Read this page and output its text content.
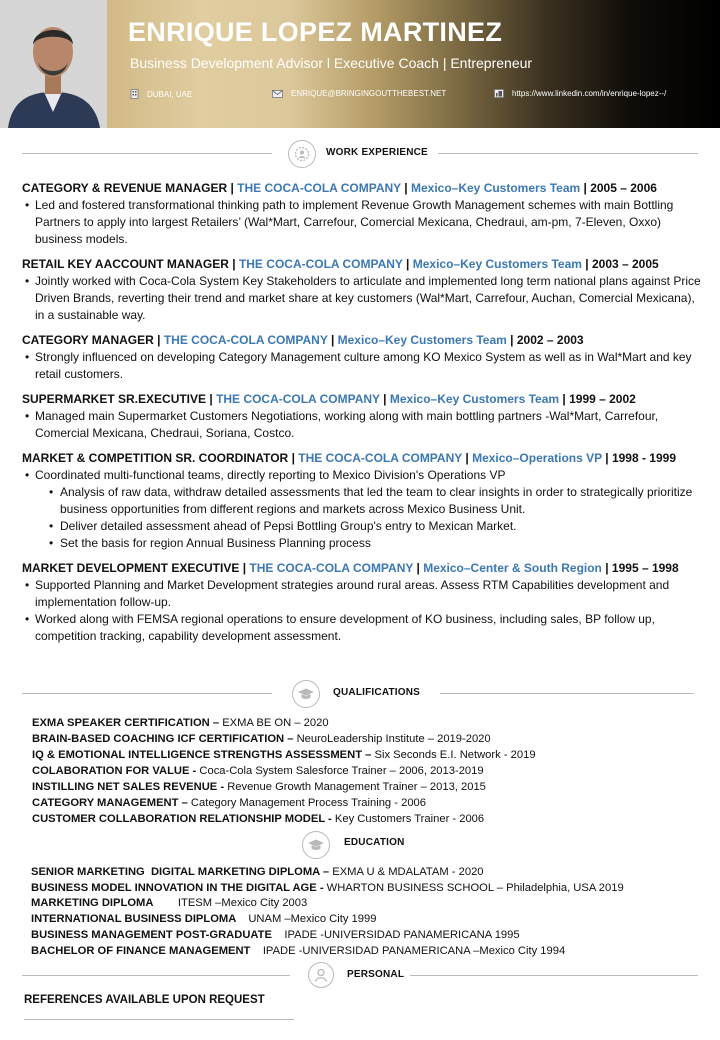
ENRIQUE LOPEZ MARTINEZ
Business Development Advisor l Executive Coach | Entrepreneur
DUBAI, UAE	ENRIQUE@BRINGINGOUTTHEBEST.NET	https://www.linkedin.com/in/enrique-lopez--/
WORK EXPERIENCE
CATEGORY & REVENUE MANAGER | THE COCA-COLA COMPANY | Mexico–Key Customers Team | 2005 – 2006
• Led and fostered transformational thinking path to implement Revenue Growth Management schemes with main Bottling Partners to apply into largest Retailers’ (Wal*Mart, Carrefour, Comercial Mexicana, Chedraui, am-pm, 7-Eleven, Oxxo) business models.
RETAIL KEY AACCOUNT MANAGER | THE COCA-COLA COMPANY | Mexico–Key Customers Team | 2003 – 2005
• Jointly worked with Coca-Cola System Key Stakeholders to articulate and implemented long term national plans against Price Driven Brands, reverting their trend and market share at key customers (Wal*Mart, Carrefour, Auchan, Comercial Mexicana), in a sustainable way.
CATEGORY MANAGER | THE COCA-COLA COMPANY | Mexico–Key Customers Team | 2002 – 2003
• Strongly influenced on developing Category Management culture among KO Mexico System as well as in Wal*Mart and key retail customers.
SUPERMARKET SR.EXECUTIVE | THE COCA-COLA COMPANY | Mexico–Key Customers Team | 1999 – 2002
• Managed main Supermarket Customers Negotiations, working along with main bottling partners -Wal*Mart, Carrefour, Comercial Mexicana, Chedraui, Soriana, Costco.
MARKET & COMPETITION SR. COORDINATOR | THE COCA-COLA COMPANY | Mexico–Operations VP | 1998 - 1999
• Coordinated multi-functional teams, directly reporting to Mexico Division's Operations VP
• Analysis of raw data, withdraw detailed assessments that led the team to clear insights in order to strategically prioritize business opportunities from different regions and markets across Mexico Business Unit.
• Deliver detailed assessment ahead of Pepsi Bottling Group's entry to Mexican Market.
• Set the basis for region Annual Business Planning process
MARKET DEVELOPMENT EXECUTIVE | THE COCA-COLA COMPANY | Mexico–Center & South Region | 1995 – 1998
• Supported Planning and Market Development strategies around rural areas. Assess RTM Capabilities development and implementation follow-up.
• Worked along with FEMSA regional operations to ensure development of KO business, including sales, BP follow up, competition tracking, capability development assessment.
QUALIFICATIONS
EXMA SPEAKER CERTIFICATION – EXMA BE ON – 2020
BRAIN-BASED COACHING ICF CERTIFICATION – NeuroLeadership Institute – 2019-2020
IQ & EMOTIONAL INTELLIGENCE STRENGTHS ASSESSMENT – Six Seconds E.I. Network - 2019
COLABORATION FOR VALUE - Coca-Cola System Salesforce Trainer – 2006, 2013-2019
INSTILLING NET SALES REVENUE - Revenue Growth Management Trainer – 2013, 2015
CATEGORY MANAGEMENT – Category Management Process Training - 2006
CUSTOMER COLLABORATION RELATIONSHIP MODEL - Key Customers Trainer - 2006
EDUCATION
SENIOR MARKETING  DIGITAL MARKETING DIPLOMA – EXMA U & MDALATAM - 2020
BUSINESS MODEL INNOVATION IN THE DIGITAL AGE - WHARTON BUSINESS SCHOOL – Philadelphia, USA 2019
MARKETING DIPLOMA        ITESM –Mexico City 2003
INTERNATIONAL BUSINESS DIPLOMA    UNAM –Mexico City 1999
BUSINESS MANAGEMENT POST-GRADUATE    IPADE -UNIVERSIDAD PANAMERICANA 1995
BACHELOR OF FINANCE MANAGEMENT    IPADE -UNIVERSIDAD PANAMERICANA –Mexico City 1994
PERSONAL
REFERENCES AVAILABLE UPON REQUEST
